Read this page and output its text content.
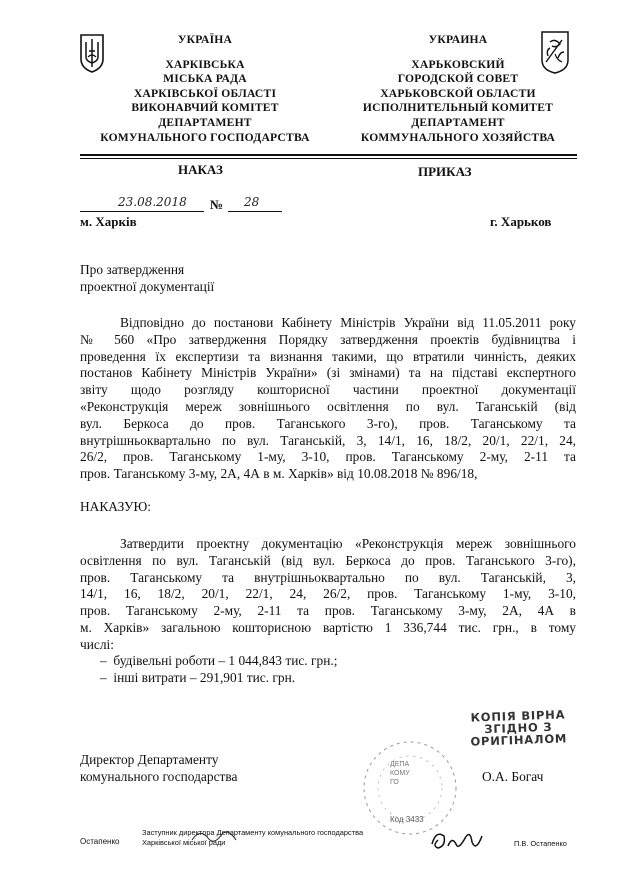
УКРАЇНА
ХАРКІВСЬКА
МІСЬКА РАДА
ХАРКІВСЬКОЇ ОБЛАСТІ
ВИКОНАВЧИЙ КОМІТЕТ
ДЕПАРТАМЕНТ
КОМУНАЛЬНОГО ГОСПОДАРСТВА
УКРАИНА
ХАРЬКОВСКИЙ
ГОРОДСКОЙ СОВЕТ
ХАРЬКОВСКОЙ ОБЛАСТИ
ИСПОЛНИТЕЛЬНЫЙ КОМИТЕТ
ДЕПАРТАМЕНТ
КОММУНАЛЬНОГО ХОЗЯЙСТВА
НАКАЗ	ПРИКАЗ
23.08.2018 № 28
м. Харків	г. Харьков
Про затвердження
проектної документації
Відповідно до постанови Кабінету Міністрів України від 11.05.2011 року
№ 560 «Про затвердження Порядку затвердження проектів будівництва і
проведення їх експертизи та визнання такими, що втратили чинність, деяких
постанов Кабінету Міністрів України» (зі змінами) та на підставі експертного
звіту щодо розгляду кошторисної частини проектної документації
«Реконструкція мереж зовнішнього освітлення по вул. Таганській (від
вул. Беркоса до пров. Таганського 3-го), пров. Таганському та
внутрішньоквартально по вул. Таганській, 3, 14/1, 16, 18/2, 20/1, 22/1, 24,
26/2, пров. Таганському 1-му, 3-10, пров. Таганському 2-му, 2-11 та
пров. Таганському 3-му, 2А, 4А в м. Харків» від 10.08.2018 № 896/18,
НАКАЗУЮ:
Затвердити проектну документацію «Реконструкція мереж зовнішнього
освітлення по вул. Таганській (від вул. Беркоса до пров. Таганського 3-го),
пров. Таганському та внутрішньоквартально по вул. Таганській, 3,
14/1, 16, 18/2, 20/1, 22/1, 24, 26/2, пров. Таганському 1-му, 3-10,
пров. Таганському 2-му, 2-11 та пров. Таганському 3-му, 2А, 4А в
м. Харків» загальною кошторисною вартістю 1 336,744 тис. грн., в тому
числі:
– будівельні роботи – 1 044,843 тис. грн.;
– інші витрати – 291,901 тис. грн.
КОПІЯ ВІРНА
ЗГІДНО З
ОРИГІНАЛОМ
ДЕПА
КОМУ
ГО
Код 3433
Директор Департаменту
комунального господарства	О.А. Богач
Остапенко
Заступник директора Департаменту комунального господарства
Харківської міської ради	П.В. Остапенко
